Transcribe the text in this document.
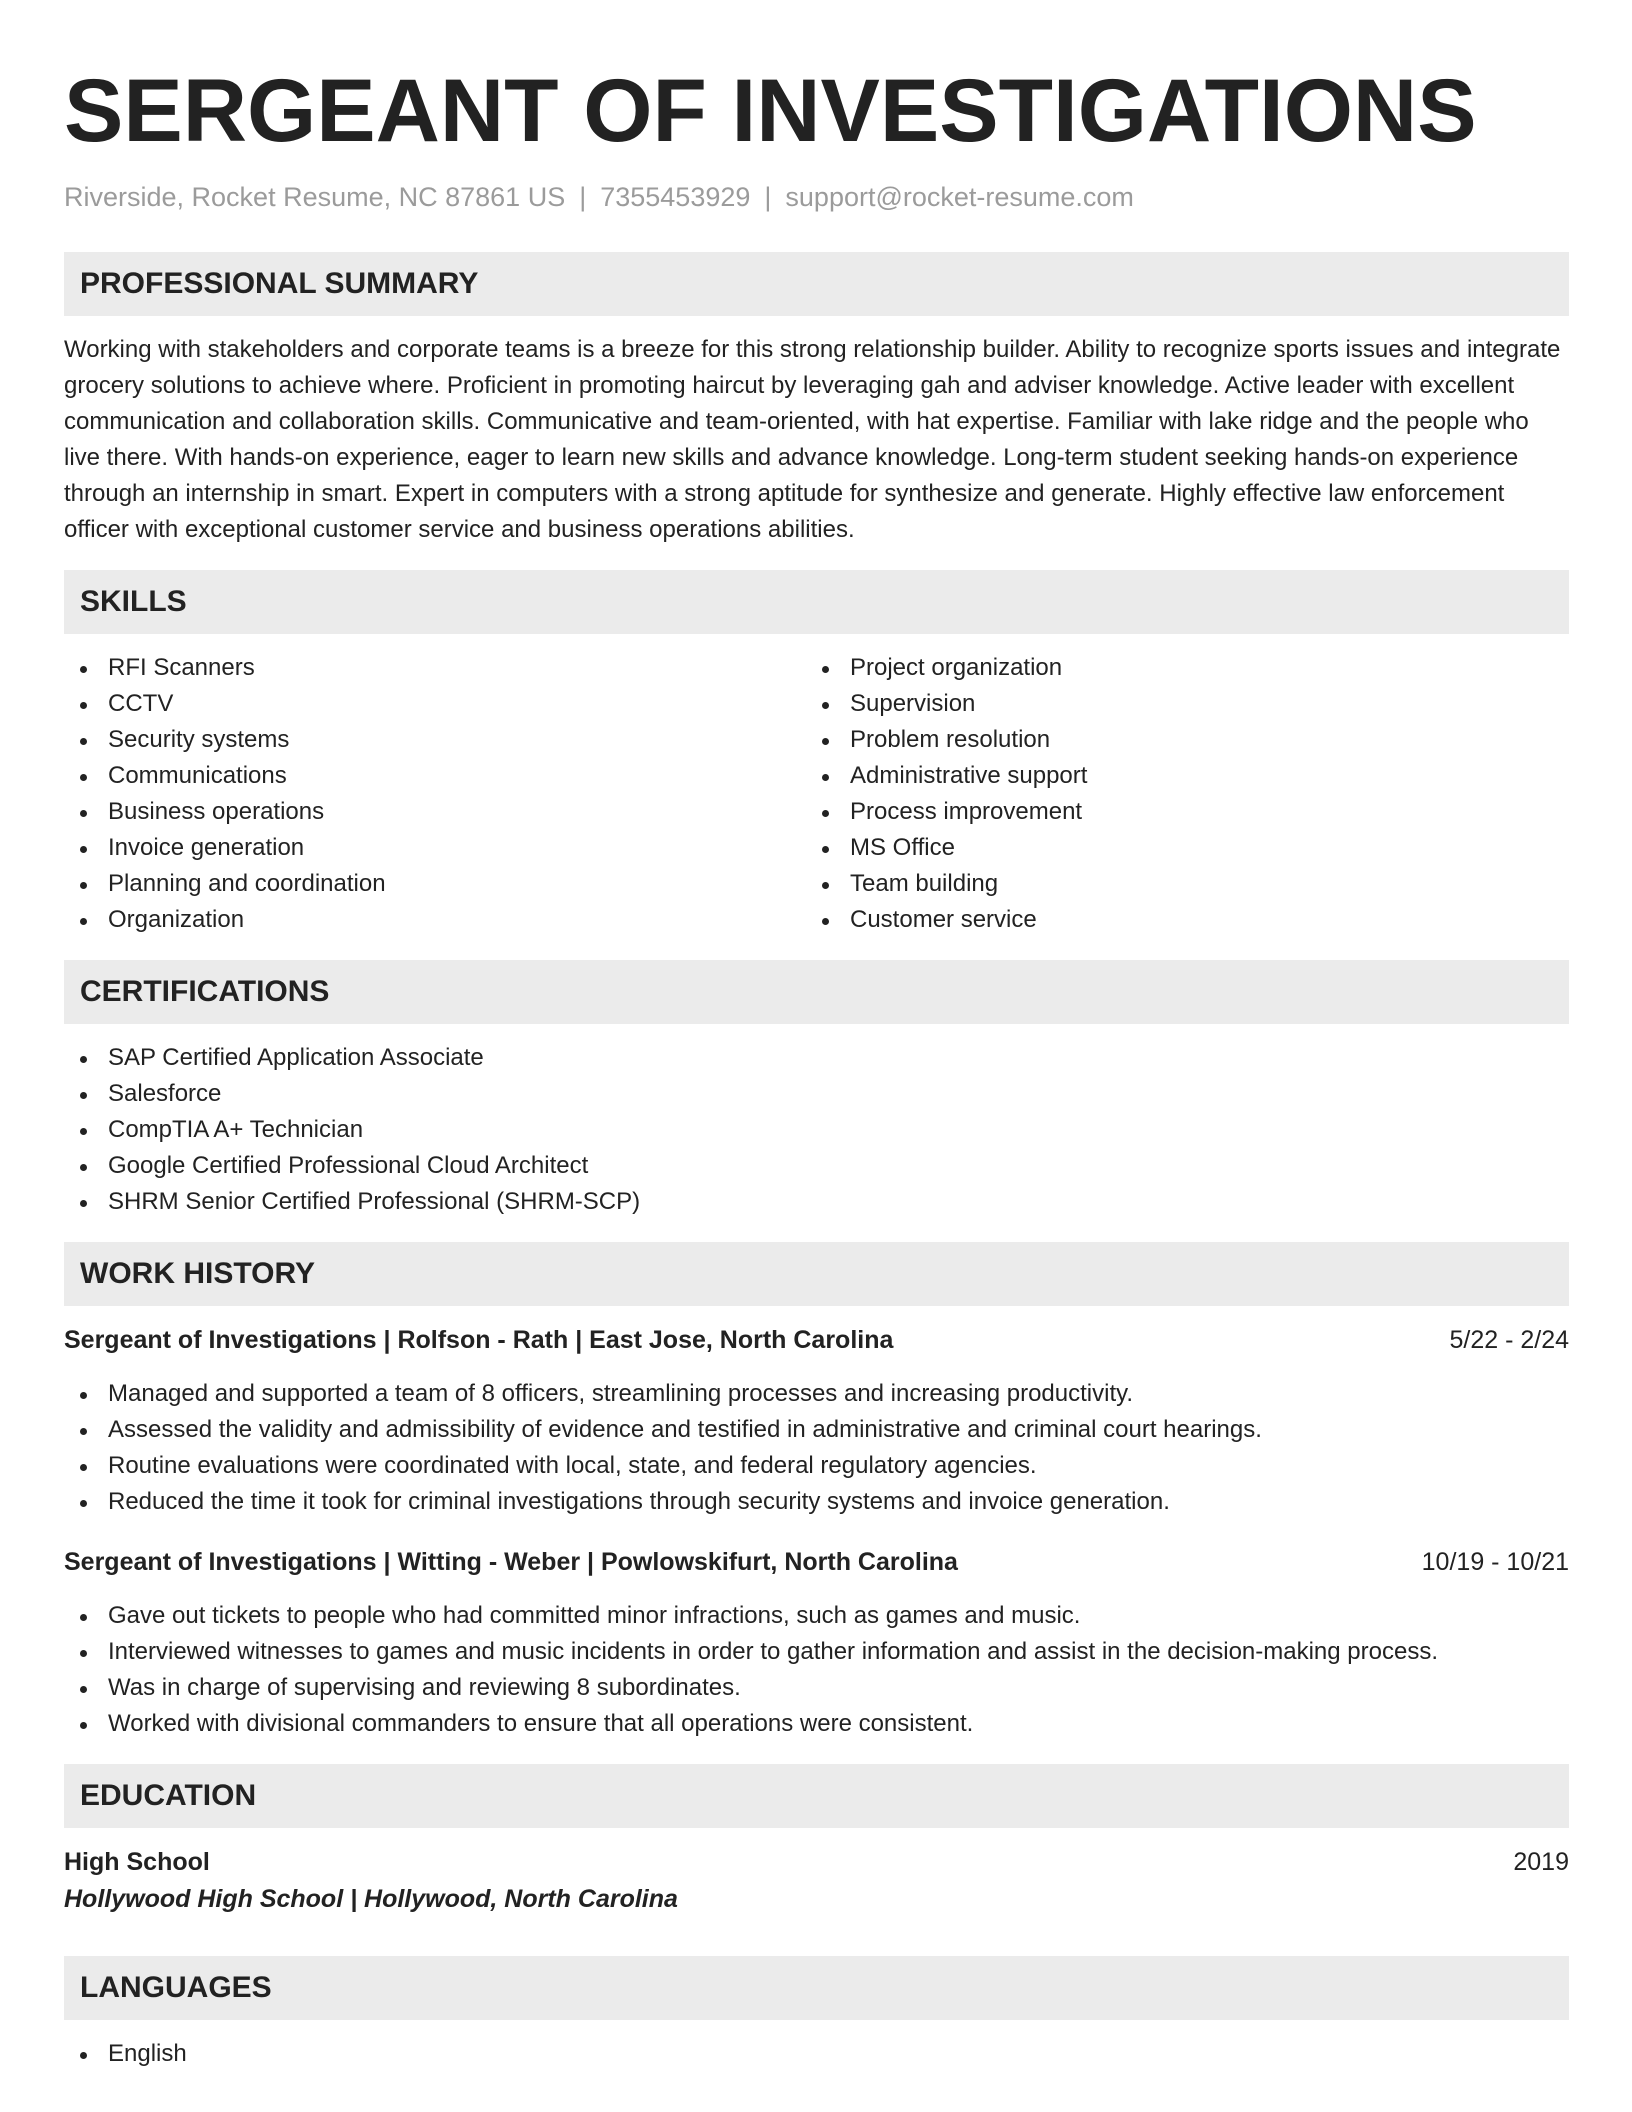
SERGEANT OF INVESTIGATIONS
Riverside, Rocket Resume, NC 87861 US | 7355453929 | support@rocket-resume.com
PROFESSIONAL SUMMARY

Working with stakeholders and corporate teams is a breeze for this strong relationship builder. Ability to recognize sports issues and integrate grocery solutions to achieve where. Proficient in promoting haircut by leveraging gah and adviser knowledge. Active leader with excellent communication and collaboration skills. Communicative and team-oriented, with hat expertise. Familiar with lake ridge and the people who live there. With hands-on experience, eager to learn new skills and advance knowledge. Long-term student seeking hands-on experience through an internship in smart. Expert in computers with a strong aptitude for synthesize and generate. Highly effective law enforcement officer with exceptional customer service and business operations abilities.

SKILLS
RFI Scanners
CCTV
Security systems
Communications
Business operations
Invoice generation
Planning and coordination
Organization
Project organization
Supervision
Problem resolution
Administrative support
Process improvement
MS Office
Team building
Customer service
CERTIFICATIONS
SAP Certified Application Associate
Salesforce
CompTIA A+ Technician
Google Certified Professional Cloud Architect
SHRM Senior Certified Professional (SHRM-SCP)
WORK HISTORY
Sergeant of Investigations | Rolfson - Rath | East Jose, North Carolina	5/22 - 2/24
Managed and supported a team of 8 officers, streamlining processes and increasing productivity.
Assessed the validity and admissibility of evidence and testified in administrative and criminal court hearings.
Routine evaluations were coordinated with local, state, and federal regulatory agencies.
Reduced the time it took for criminal investigations through security systems and invoice generation.
Sergeant of Investigations | Witting - Weber | Powlowskifurt, North Carolina	10/19 - 10/21
Gave out tickets to people who had committed minor infractions, such as games and music.
Interviewed witnesses to games and music incidents in order to gather information and assist in the decision-making process.
Was in charge of supervising and reviewing 8 subordinates.
Worked with divisional commanders to ensure that all operations were consistent.
EDUCATION
High School	2019
Hollywood High School | Hollywood, North Carolina
LANGUAGES
English
